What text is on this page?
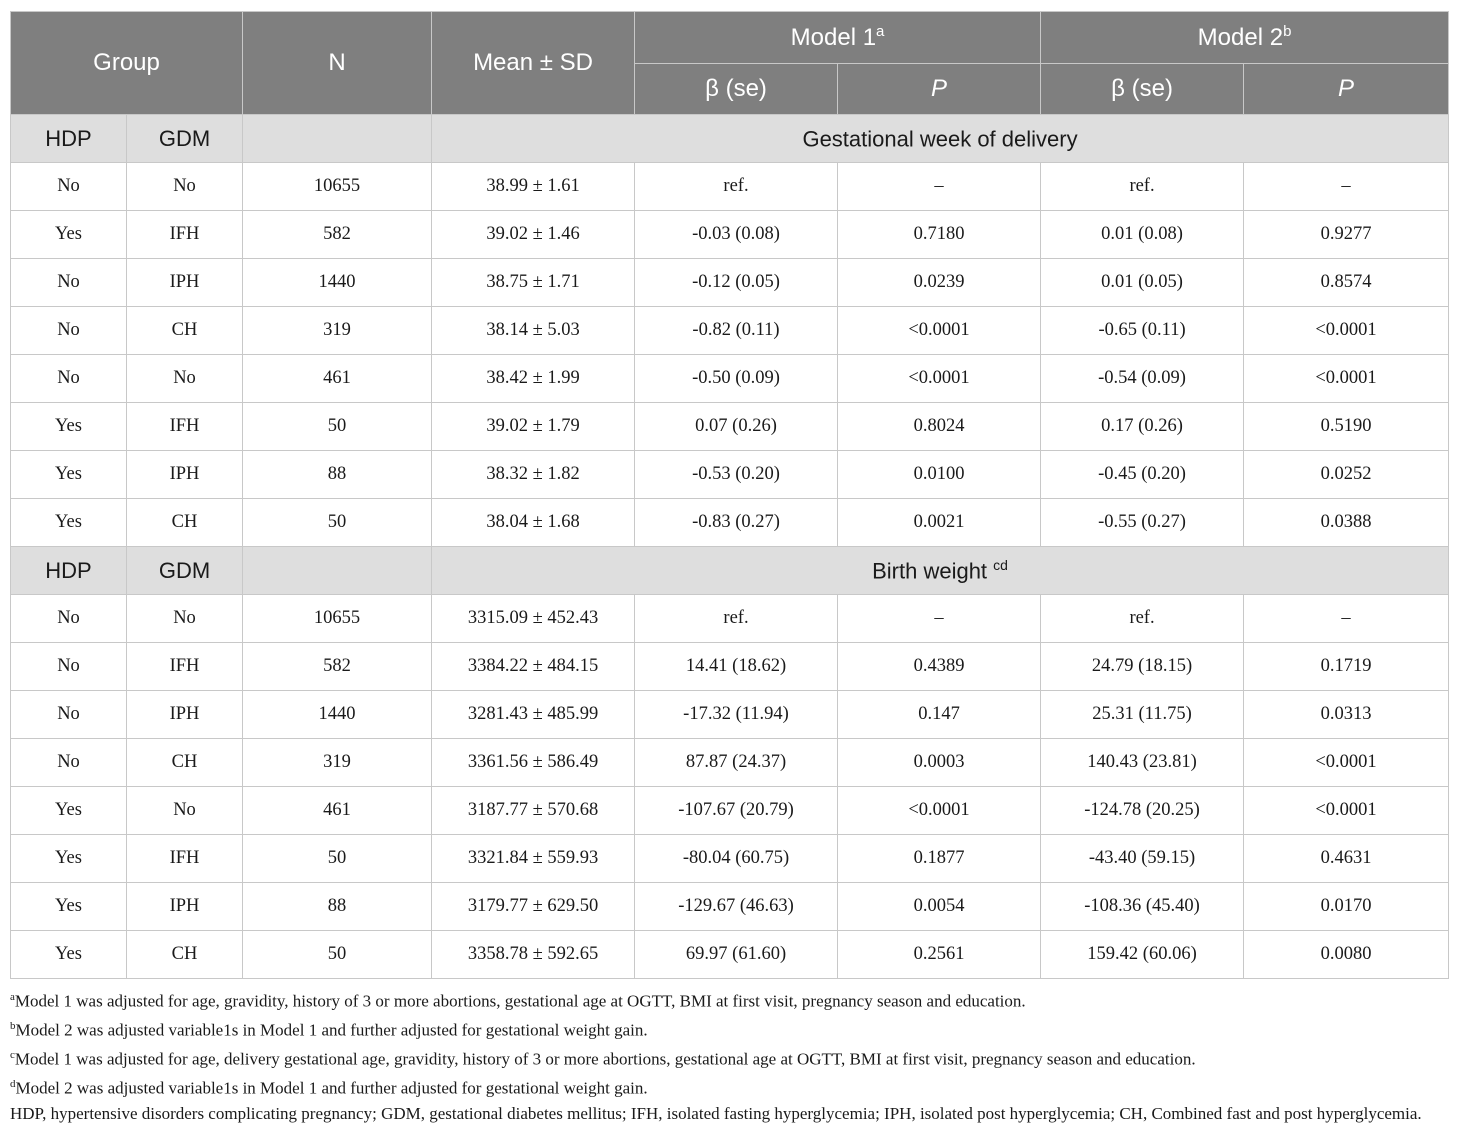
Group		N	Mean ± SD	Model 1$^a$		Model 2$^b$
				β (se)	P	β (se)	P
HDP	GDM		Gestational week of delivery				
No	No	10655	38.99 ± 1.61	ref.	–	ref.	–
Yes	IFH	582	39.02 ± 1.46	-0.03 (0.08)	0.7180	0.01 (0.08)	0.9277
No	IPH	1440	38.75 ± 1.71	-0.12 (0.05)	0.0239	0.01 (0.05)	0.8574
No	CH	319	38.14 ± 5.03	-0.82 (0.11)	<0.0001	-0.65 (0.11)	<0.0001
No	No	461	38.42 ± 1.99	-0.50 (0.09)	<0.0001	-0.54 (0.09)	<0.0001
Yes	IFH	50	39.02 ± 1.79	0.07 (0.26)	0.8024	0.17 (0.26)	0.5190
Yes	IPH	88	38.32 ± 1.82	-0.53 (0.20)	0.0100	-0.45 (0.20)	0.0252
Yes	CH	50	38.04 ± 1.68	-0.83 (0.27)	0.0021	-0.55 (0.27)	0.0388
HDP	GDM		Birth weight $^{cd}$
No	No	10655	3315.09 ± 452.43	ref.	–	ref.	–
No	IFH	582	3384.22 ± 484.15	14.41 (18.62)	0.4389	24.79 (18.15)	0.1719
No	IPH	1440	3281.43 ± 485.99	-17.32 (11.94)	0.147	25.31 (11.75)	0.0313
No	CH	319	3361.56 ± 586.49	87.87 (24.37)	0.0003	140.43 (23.81)	<0.0001
Yes	No	461	3187.77 ± 570.68	-107.67 (20.79)	<0.0001	-124.78 (20.25)	<0.0001
Yes	IFH	50	3321.84 ± 559.93	-80.04 (60.75)	0.1877	-43.40 (59.15)	0.4631
Yes	IPH	88	3179.77 ± 629.50	-129.67 (46.63)	0.0054	-108.36 (45.40)	0.0170
Yes	CH	50	3358.78 ± 592.65	69.97 (61.60)	0.2561	159.42 (60.06)	0.0080

$^a$Model 1 was adjusted for age, gravidity, history of 3 or more abortions, gestational age at OGTT, BMI at first visit, pregnancy season and education.

$^b$Model 2 was adjusted variable1s in Model 1 and further adjusted for gestational weight gain.

$^c$Model 1 was adjusted for age, delivery gestational age, gravidity, history of 3 or more abortions, gestational age at OGTT, BMI at first visit, pregnancy season and education.

$^d$Model 2 was adjusted variable1s in Model 1 and further adjusted for gestational weight gain.

HDP, hypertensive disorders complicating pregnancy; GDM, gestational diabetes mellitus; IFH, isolated fasting hyperglycemia; IPH, isolated post hyperglycemia; CH, Combined fast and post hyperglycemia.
